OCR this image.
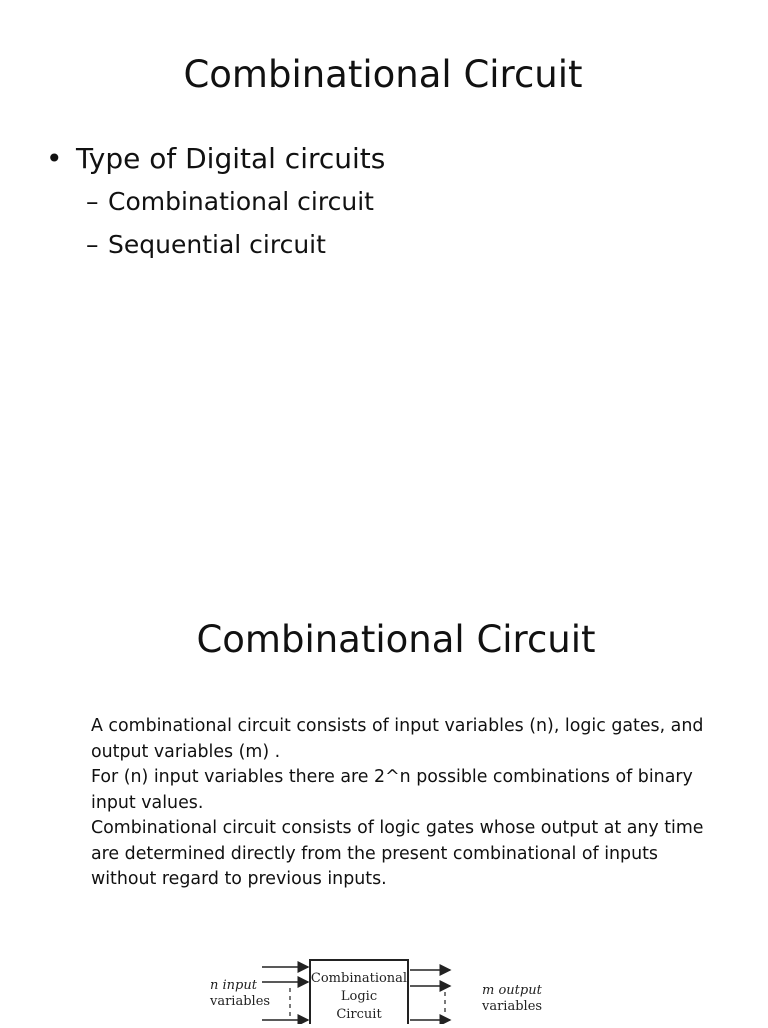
Combinational Circuit

• Type of Digital circuits

– Combinational circuit

– Sequential circuit

Combinational Circuit
A combinational circuit consists of input variables (n), logic gates, and
output variables (m) .
For (n) input variables there are 2^n possible combinations of binary
input values.
Combinational circuit consists of logic gates whose output at any time
are determined directly from the present combinational of inputs
without regard to previous inputs.
n input
variables
Combinational
Logic
Circuit
m output
variables
